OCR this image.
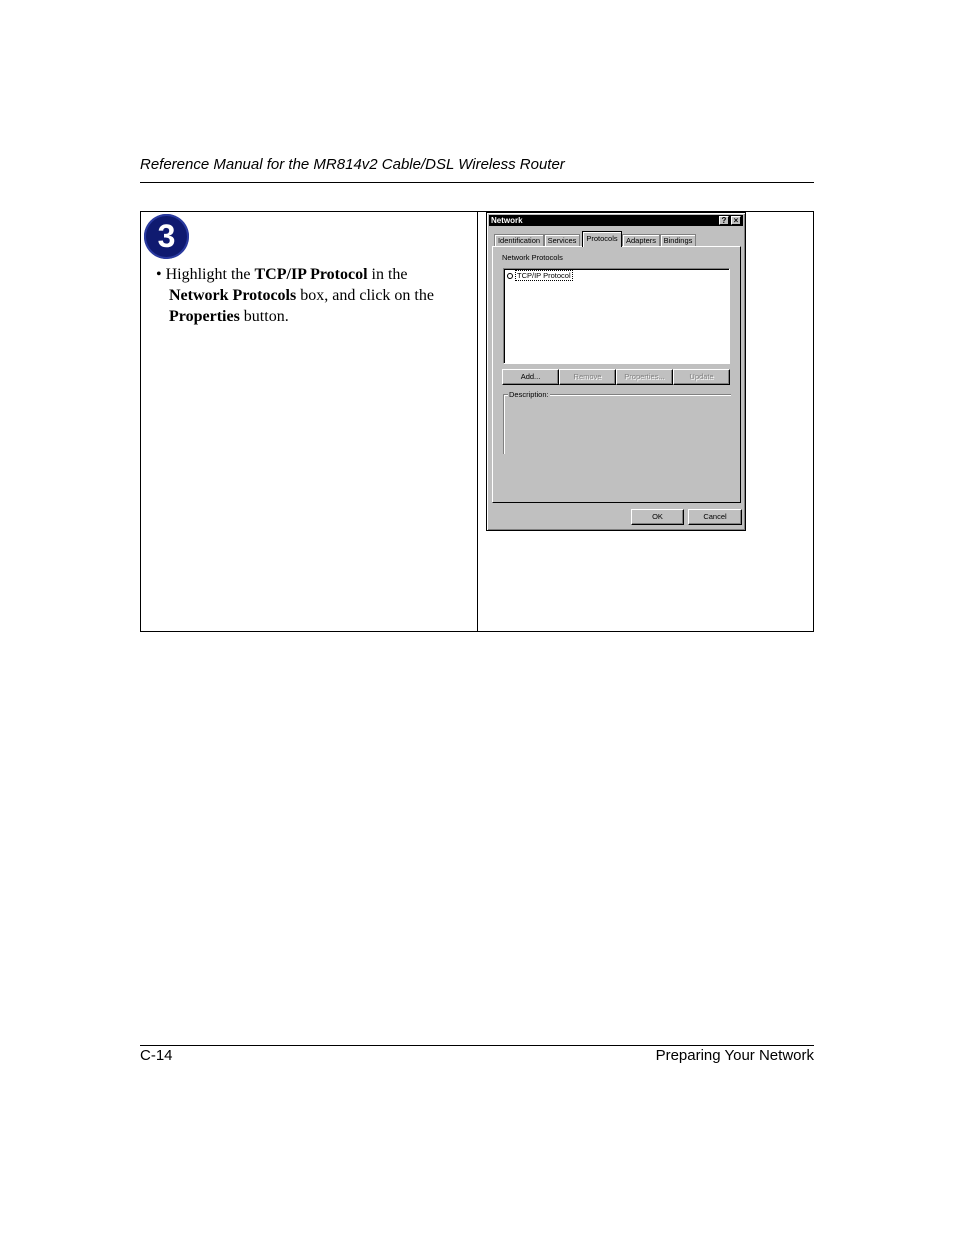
Reference Manual for the MR814v2 Cable/DSL Wireless Router
3
• Highlight the TCP/IP Protocol in the Network Protocols box, and click on the Properties button.
Network	? ×
Identification	Services	Protocols	Adapters	Bindings
Network Protocols
TCP/IP Protocol
Add...	Remove	Properties...	Update
Description:
OK	Cancel
C-14	Preparing Your Network
